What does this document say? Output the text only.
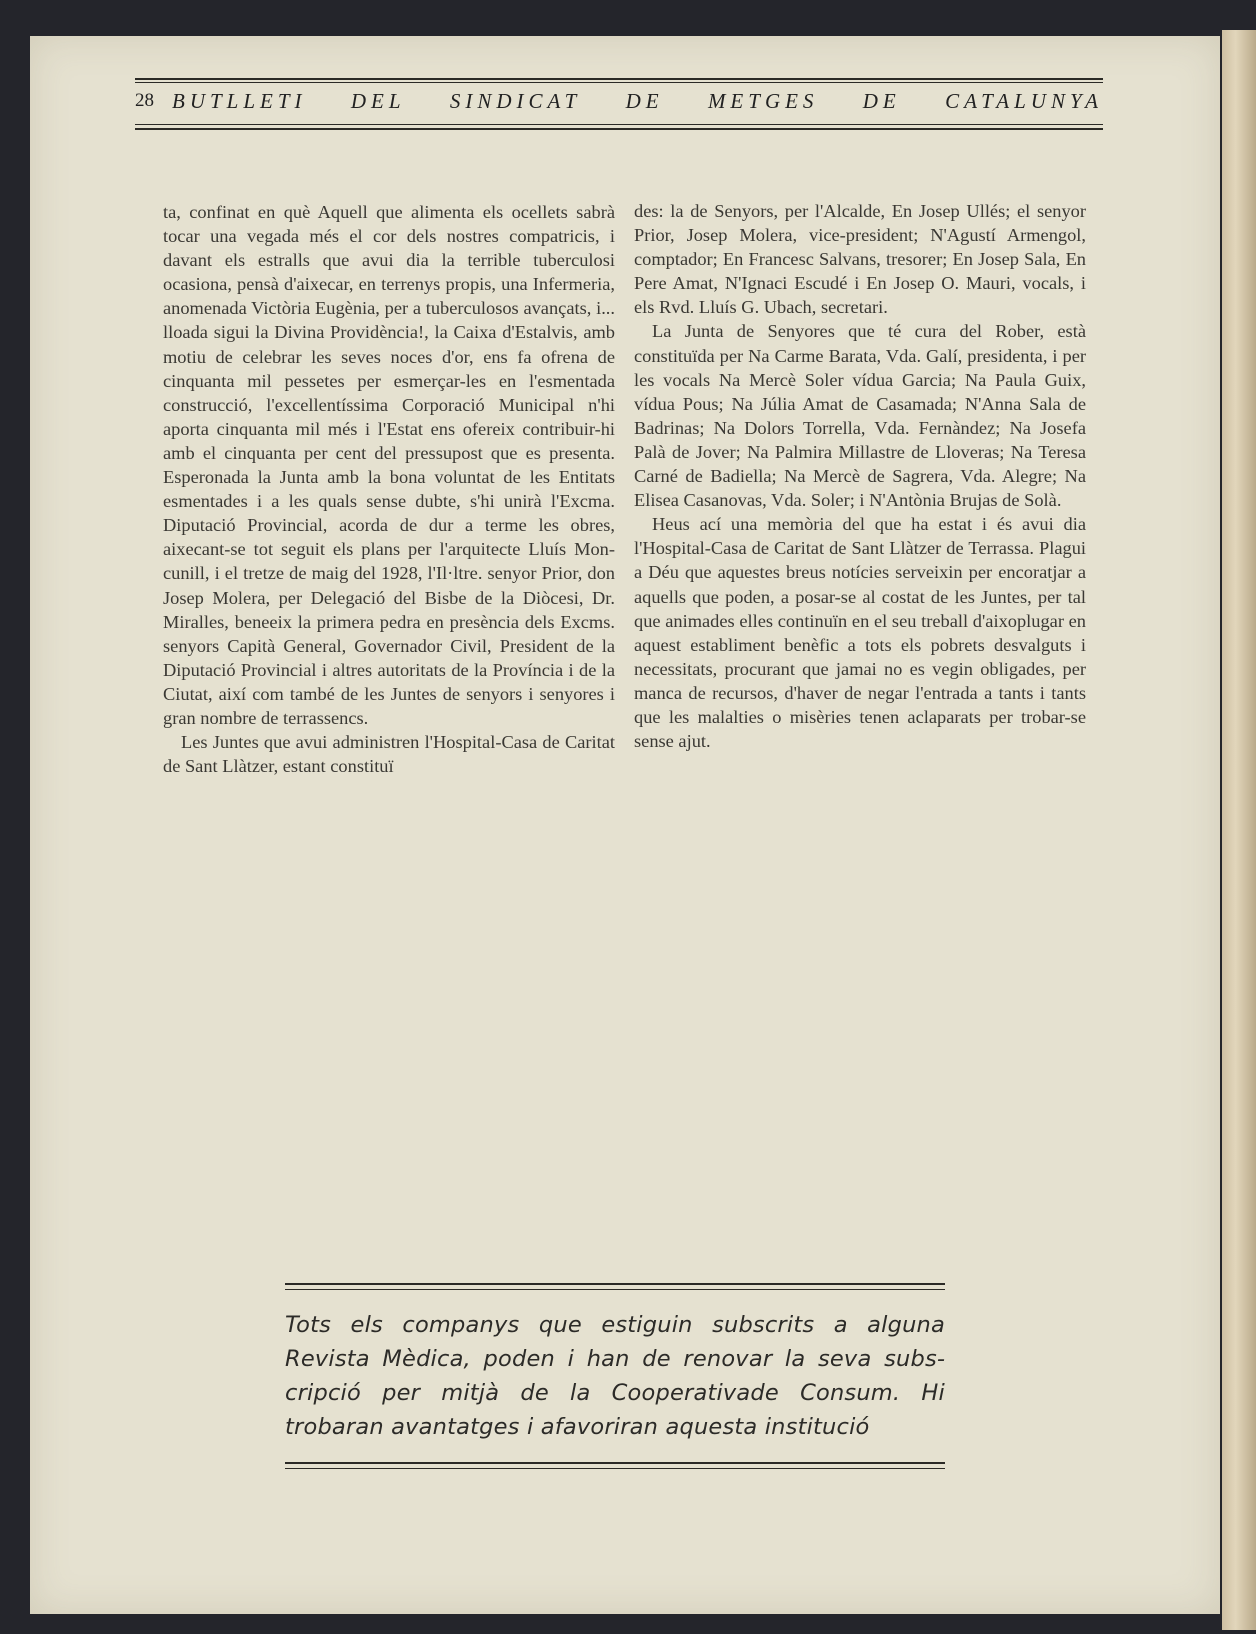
28 BUTLLETI DEL SINDICAT DE METGES DE CATALUNYA

ta, confinat en què Aquell que alimenta els ocellets sabrà tocar una vegada més el cor dels nostres compatricis, i davant els estralls que avui dia la terrible tuberculosi ocasiona, pensà d'aixecar, en terrenys propis, una Infermeria, anomenada Victòria Eugènia, per a tuberculosos avançats, i... lloada sigui la Divina Providència!, la Caixa d'Estalvis, amb motiu de celebrar les seves noces d'or, ens fa ofrena de cinquanta mil pessetes per esmerçar-les en l'esmentada construcció, l'excellentíssima Corporació Municipal n'hi aporta cinquanta mil més i l'Estat ens ofereix contribuir-hi amb el cinquanta per cent del pressupost que es presenta. Esperonada la Junta amb la bona voluntat de les Entitats esmentades i a les quals sense dubte, s'hi unirà l'Excma. Diputació Provincial, acorda de dur a terme les obres, aixecant-se tot seguit els plans per l'arquitecte Lluís Moncunill, i el tretze de maig del 1928, l'Il·ltre. senyor Prior, don Josep Molera, per Delegació del Bisbe de la Diòcesi, Dr. Miralles, beneeix la primera pedra en presència dels Excms. senyors Capità General, Governador Civil, President de la Diputació Provincial i altres autoritats de la Província i de la Ciutat, així com també de les Juntes de senyors i senyores i gran nombre de terrassencs.

Les Juntes que avui administren l'Hospital-Casa de Caritat de Sant Llàtzer, estant constituï

des: la de Senyors, per l'Alcalde, En Josep Ullés; el senyor Prior, Josep Molera, vice-president; N'Agustí Armengol, comptador; En Francesc Salvans, tresorer; En Josep Sala, En Pere Amat, N'Ignaci Escudé i En Josep O. Mauri, vocals, i els Rvd. Lluís G. Ubach, secretari.

La Junta de Senyores que té cura del Rober, està constituïda per Na Carme Barata, Vda. Galí, presidenta, i per les vocals Na Mercè Soler vídua Garcia; Na Paula Guix, vídua Pous; Na Júlia Amat de Casamada; N'Anna Sala de Badrinas; Na Dolors Torrella, Vda. Fernàndez; Na Josefa Palà de Jover; Na Palmira Millastre de Lloveras; Na Teresa Carné de Badiella; Na Mercè de Sagrera, Vda. Alegre; Na Elisea Casanovas, Vda. Soler; i N'Antònia Brujas de Solà.

Heus ací una memòria del que ha estat i és avui dia l'Hospital-Casa de Caritat de Sant Llàtzer de Terrassa. Plagui a Déu que aquestes breus notícies serveixin per encoratjar a aquells que poden, a posar-se al costat de les Juntes, per tal que animades elles continuïn en el seu treball d'aixoplugar en aquest establiment benèfic a tots els pobrets desvalguts i necessitats, procurant que jamai no es vegin obligades, per manca de recursos, d'haver de negar l'entrada a tants i tants que les malalties o misèries tenen aclaparats per trobar-se sense ajut.

Tots els companys que estiguin subscrits a alguna Revista Mèdica, poden i han de renovar la seva subscripció per mitjà de la Cooperativade Consum. Hi trobaran avantatges i afavoriran aquesta institució
